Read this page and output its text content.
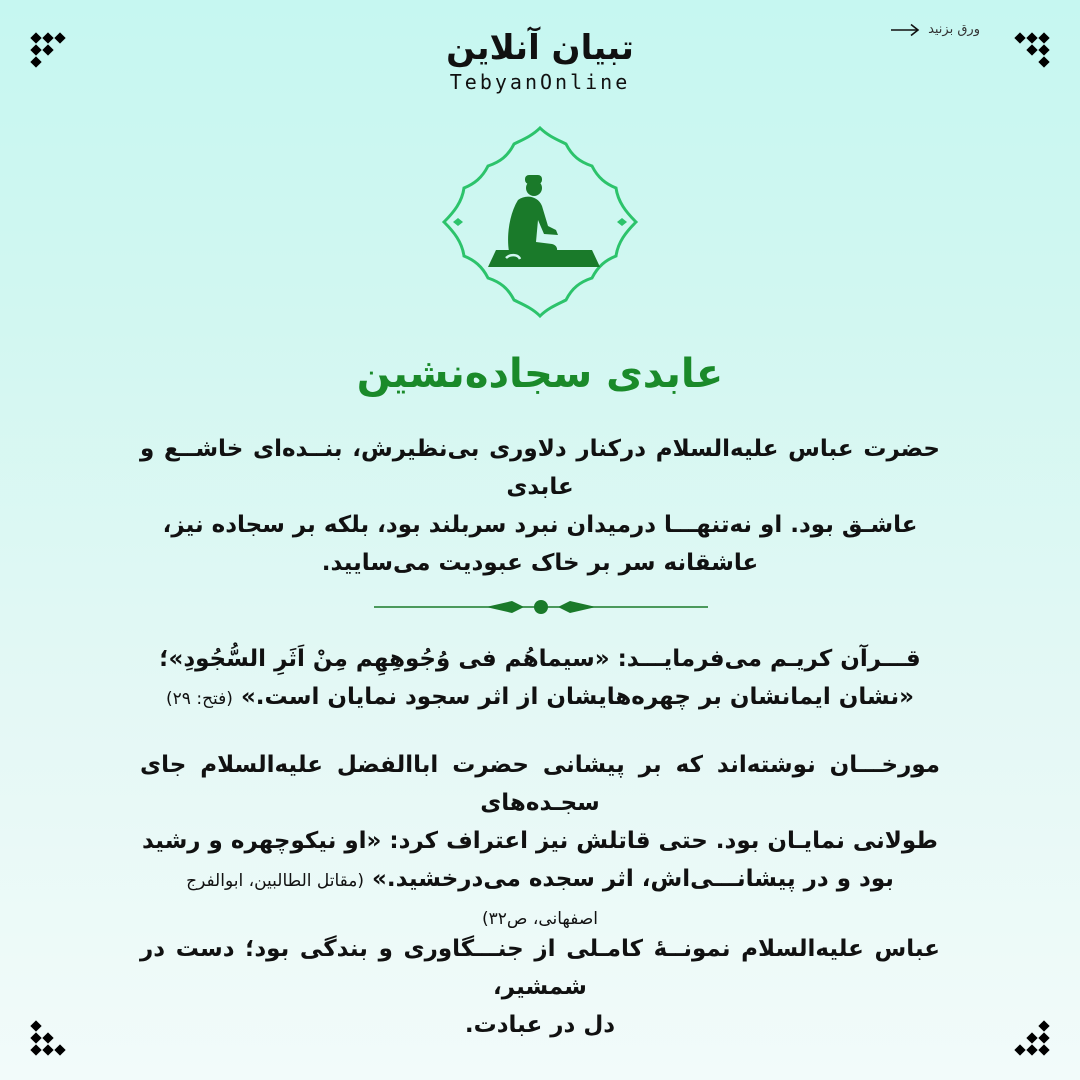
ورق بزنید
تبیان آنلاین
TebyanOnline
عابدی سجاده‌نشین
حضرت عباس علیه‌السلام درکنار دلاوری بی‌نظیرش، بنــده‌ای خاشــع و عابدی
عاشـق بود. او نه‌تنهـــا درمیدان نبرد سربلند بود، بلکه بر سجاده نیز،
عاشقانه سر بر خاک عبودیت می‌سایید.
قـــرآن کریـم می‌فرمایـــد: «سیماهُم فی وُجُوهِهِم مِنْ اَثَرِ السُّجُودِ»؛
«نشان ایمانشان بر چهره‌هایشان از اثر سجود نمایان است.» (فتح: ۲۹)
مورخـــان نوشته‌اند که بر پیشانی حضرت اباالفضل علیه‌السلام جای سجـده‌های
طولانی نمایـان بود. حتی قاتلش نیز اعتراف کرد: «او نیکوچهره و رشید
بود و در پیشانـــی‌اش، اثر سجده می‌درخشید.» (مقاتل الطالبین، ابوالفرج
اصفهانی، ص۳۲)
عباس علیه‌السلام نمونــهٔ کامـلی از جنـــگاوری و بندگی بود؛ دست در شمشیر،
دل در عبادت.
